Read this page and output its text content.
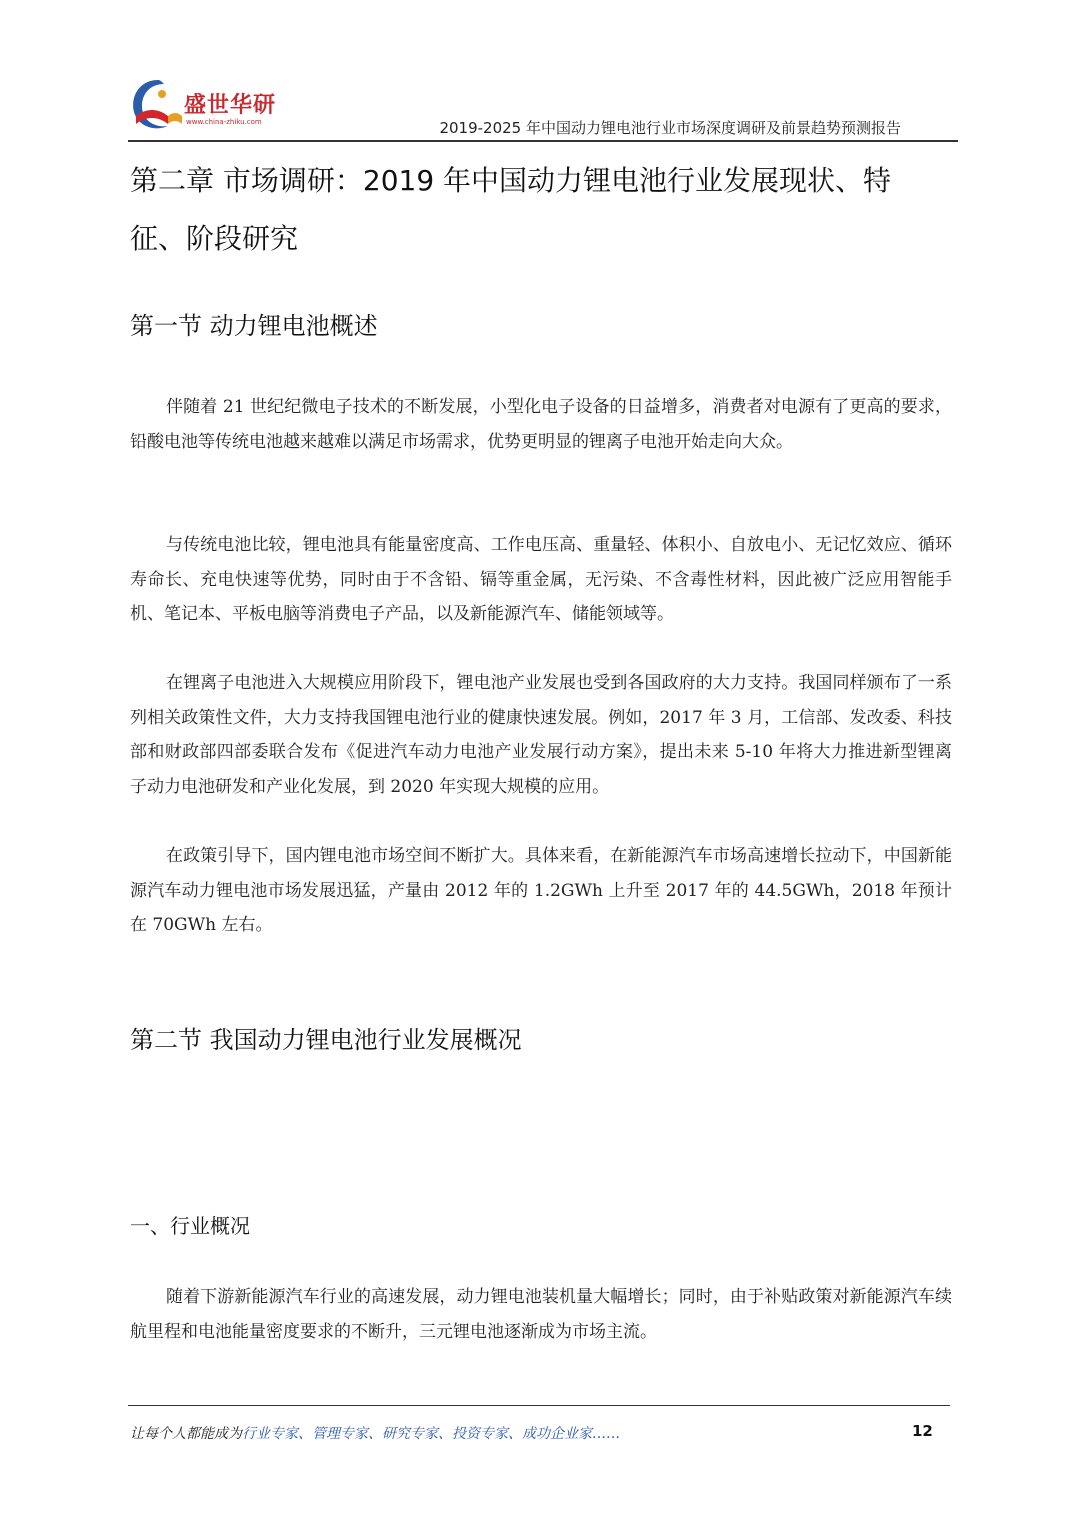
盛世华研
www.china-zhiku.com	2019-2025 年中国动力锂电池行业市场深度调研及前景趋势预测报告
第二章 市场调研：2019 年中国动力锂电池行业发展现状、特征、阶段研究
第一节 动力锂电池概述

伴随着 21 世纪纪微电子技术的不断发展，小型化电子设备的日益增多，消费者对电源有了更高的要求，铅酸电池等传统电池越来越难以满足市场需求，优势更明显的锂离子电池开始走向大众。

与传统电池比较，锂电池具有能量密度高、工作电压高、重量轻、体积小、自放电小、无记忆效应、循环寿命长、充电快速等优势，同时由于不含铅、镉等重金属，无污染、不含毒性材料，因此被广泛应用智能手机、笔记本、平板电脑等消费电子产品，以及新能源汽车、储能领域等。

在锂离子电池进入大规模应用阶段下，锂电池产业发展也受到各国政府的大力支持。我国同样颁布了一系列相关政策性文件，大力支持我国锂电池行业的健康快速发展。例如，2017 年 3 月，工信部、发改委、科技部和财政部四部委联合发布《促进汽车动力电池产业发展行动方案》，提出未来 5-10 年将大力推进新型锂离子动力电池研发和产业化发展，到 2020 年实现大规模的应用。

在政策引导下，国内锂电池市场空间不断扩大。具体来看，在新能源汽车市场高速增长拉动下，中国新能源汽车动力锂电池市场发展迅猛，产量由 2012 年的 1.2GWh 上升至 2017 年的 44.5GWh，2018 年预计在 70GWh 左右。

第二节 我国动力锂电池行业发展概况
一、行业概况

随着下游新能源汽车行业的高速发展，动力锂电池装机量大幅增长；同时，由于补贴政策对新能源汽车续航里程和电池能量密度要求的不断升，三元锂电池逐渐成为市场主流。

让每个人都能成为行业专家、管理专家、研究专家、投资专家、成功企业家……	12
